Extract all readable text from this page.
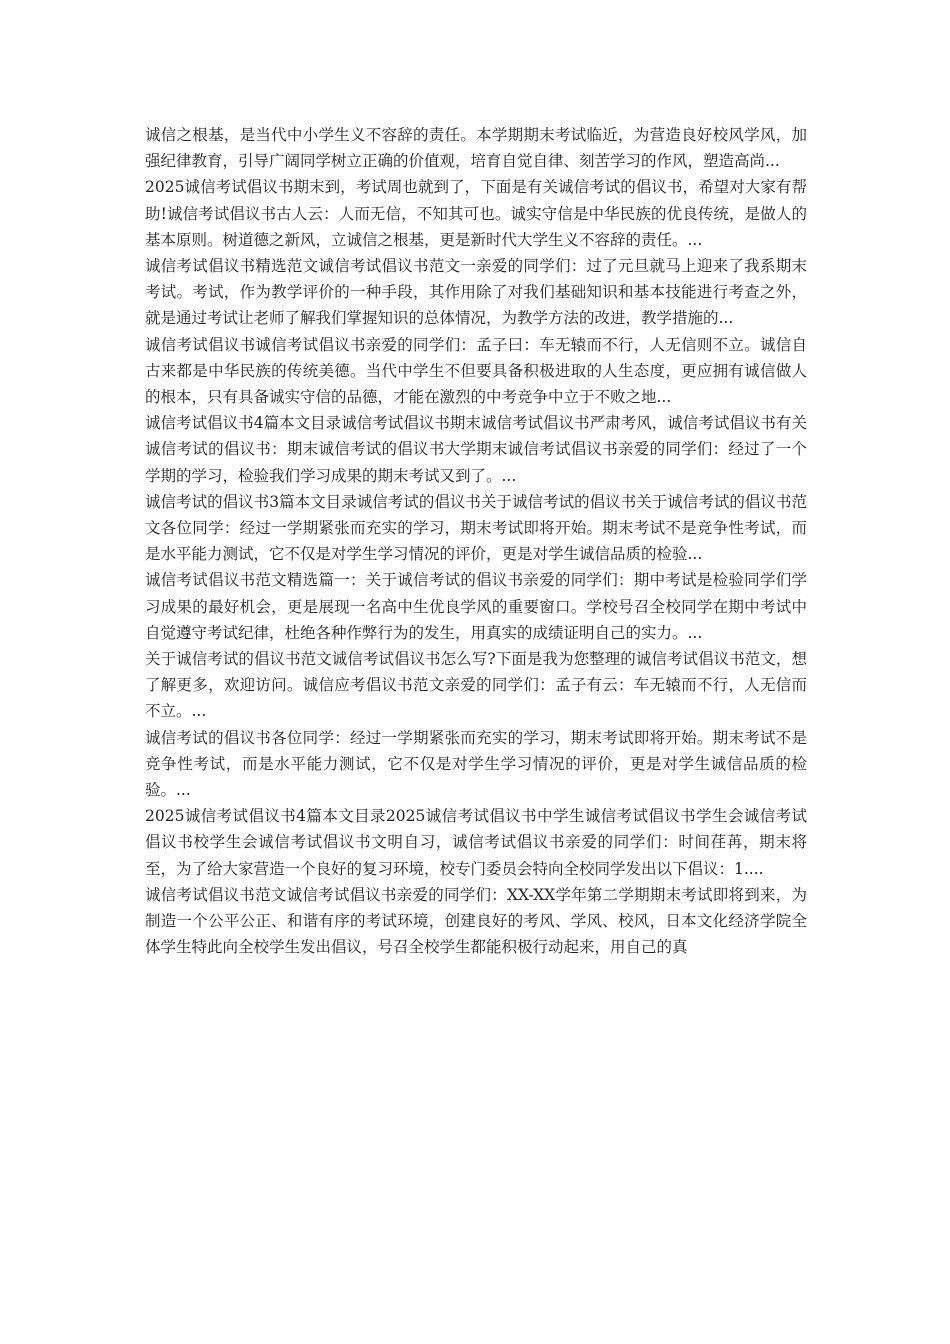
诚信之根基，是当代中小学生义不容辞的责任。本学期期末考试临近，为营造良好校风学风，加强纪律教育，引导广阔同学树立正确的价值观，培育自觉自律、刻苦学习的作风，塑造高尚...

2025诚信考试倡议书期末到，考试周也就到了，下面是有关诚信考试的倡议书，希望对大家有帮助!诚信考试倡议书古人云：人而无信，不知其可也。诚实守信是中华民族的优良传统，是做人的基本原则。树道德之新风，立诚信之根基，更是新时代大学生义不容辞的责任。...

诚信考试倡议书精选范文诚信考试倡议书范文一亲爱的同学们：过了元旦就马上迎来了我系期末考试。考试，作为教学评价的一种手段，其作用除了对我们基础知识和基本技能进行考查之外，就是通过考试让老师了解我们掌握知识的总体情况，为教学方法的改进，教学措施的...

诚信考试倡议书诚信考试倡议书亲爱的同学们：孟子曰：车无辕而不行，人无信则不立。诚信自古来都是中华民族的传统美德。当代中学生不但要具备积极进取的人生态度，更应拥有诚信做人的根本，只有具备诚实守信的品德，才能在激烈的中考竞争中立于不败之地...

诚信考试倡议书4篇本文目录诚信考试倡议书期末诚信考试倡议书严肃考风，诚信考试倡议书有关诚信考试的倡议书：期末诚信考试的倡议书大学期末诚信考试倡议书亲爱的同学们：经过了一个学期的学习，检验我们学习成果的期末考试又到了。...

诚信考试的倡议书3篇本文目录诚信考试的倡议书关于诚信考试的倡议书关于诚信考试的倡议书范文各位同学：经过一学期紧张而充实的学习，期末考试即将开始。期末考试不是竞争性考试，而是水平能力测试，它不仅是对学生学习情况的评价，更是对学生诚信品质的检验...

诚信考试倡议书范文精选篇一：关于诚信考试的倡议书亲爱的同学们：期中考试是检验同学们学习成果的最好机会，更是展现一名高中生优良学风的重要窗口。学校号召全校同学在期中考试中自觉遵守考试纪律，杜绝各种作弊行为的发生，用真实的成绩证明自己的实力。...

关于诚信考试的倡议书范文诚信考试倡议书怎么写?下面是我为您整理的诚信考试倡议书范文，想了解更多，欢迎访问。诚信应考倡议书范文亲爱的同学们：孟子有云：车无辕而不行，人无信而不立。...

诚信考试的倡议书各位同学：经过一学期紧张而充实的学习，期末考试即将开始。期末考试不是竞争性考试，而是水平能力测试，它不仅是对学生学习情况的评价，更是对学生诚信品质的检验。...

2025诚信考试倡议书4篇本文目录2025诚信考试倡议书中学生诚信考试倡议书学生会诚信考试倡议书校学生会诚信考试倡议书文明自习，诚信考试倡议书亲爱的同学们：时间荏苒，期末将至，为了给大家营造一个良好的复习环境，校专门委员会特向全校同学发出以下倡议：1....

诚信考试倡议书范文诚信考试倡议书亲爱的同学们：XX-XX学年第二学期期末考试即将到来，为制造一个公平公正、和谐有序的考试环境，创建良好的考风、学风、校风，日本文化经济学院全体学生特此向全校学生发出倡议，号召全校学生都能积极行动起来，用自己的真
